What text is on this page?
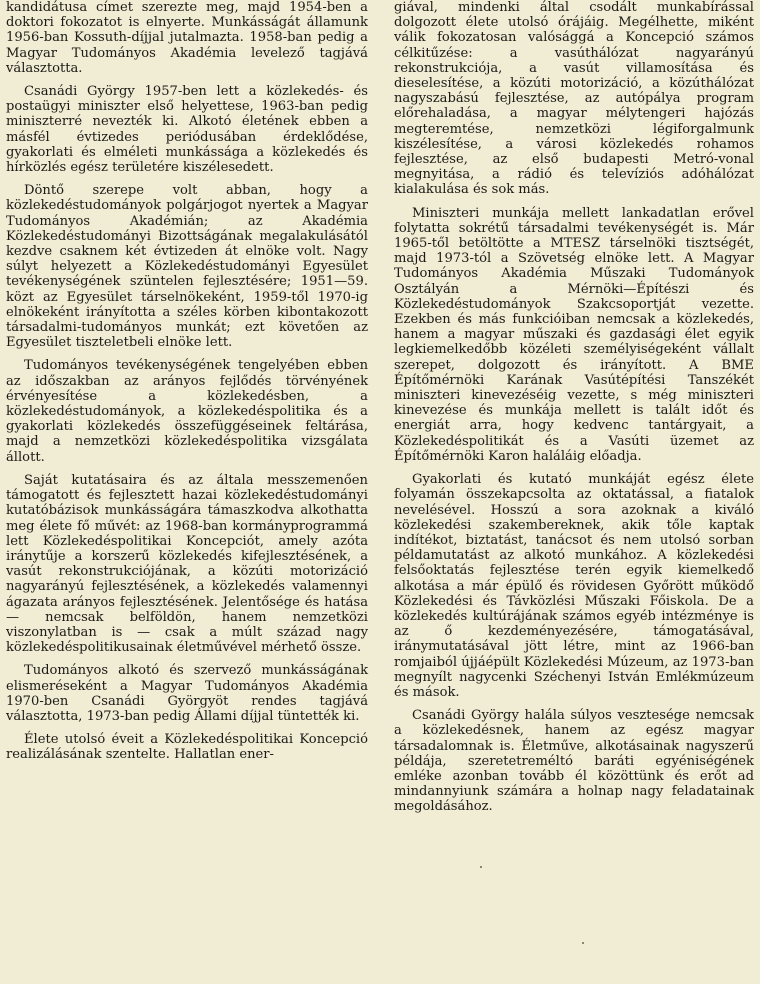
kandidátusa címet szerezte meg, majd 1954-ben a doktori fokozatot is elnyerte. Munkásságát államunk 1956-ban Kossuth-díjjal jutalmazta. 1958-ban pedig a Magyar Tudományos Akadémia levelező tagjává választotta.

Csanádi György 1957-ben lett a közlekedés- és postaügyi miniszter első helyettese, 1963-ban pedig miniszterré nevezték ki. Alkotó életének ebben a másfél évtizedes periódusában érdeklődése, gyakorlati és elméleti munkássága a közlekedés és hírközlés egész területére kiszélesedett.

Döntő szerepe volt abban, hogy a közlekedéstudományok polgárjogot nyertek a Magyar Tudományos Akadémián; az Akadémia Közlekedéstudományi Bizottságának megalakulásától kezdve csaknem két évtizeden át elnöke volt. Nagy súlyt helyezett a Közlekedéstudományi Egyesület tevékenységének szüntelen fejlesztésére; 1951—59. közt az Egyesület társelnökeként, 1959-től 1970-ig elnökeként irányította a széles körben kibontakozott társadalmi-tudományos munkát; ezt követően az Egyesület tiszteletbeli elnöke lett.

Tudományos tevékenységének tengelyében ebben az időszakban az arányos fejlődés törvényének érvényesítése a közlekedésben, a közlekedéstudományok, a közlekedéspolitika és a gyakorlati közlekedés összefüggéseinek feltárása, majd a nemzetközi közlekedéspolitika vizsgálata állott.

Saját kutatásaira és az általa messzemenően támogatott és fejlesztett hazai közlekedéstudományi kutatóbázisok munkásságára támaszkodva alkothatta meg élete fő művét: az 1968-ban kormányprogrammá lett Közlekedéspolitikai Koncepciót, amely azóta iránytűje a korszerű közlekedés kifejlesztésének, a vasút rekonstrukciójának, a közúti motorizáció nagyarányú fejlesztésének, a közlekedés valamennyi ágazata arányos fejlesztésének. Jelentősége és hatása — nemcsak belföldön, hanem nemzetközi viszonylatban is — csak a múlt század nagy közlekedéspolitikusainak életművével mérhető össze.

Tudományos alkotó és szervező munkásságának elismeréseként a Magyar Tudományos Akadémia 1970-ben Csanádi Györgyöt rendes tagjává választotta, 1973-ban pedig Állami díjjal tüntették ki.

Élete utolsó éveit a Közlekedéspolitikai Koncepció realizálásának szentelte. Hallatlan ener-

giával, mindenki által csodált munkabírással dolgozott élete utolsó órájáig. Megélhette, miként válik fokozatosan valósággá a Koncepció számos célkitűzése: a vasúthálózat nagyarányú rekonstrukciója, a vasút villamosítása és dieselesítése, a közúti motorizáció, a közúthálózat nagyszabású fejlesztése, az autópálya program előrehaladása, a magyar mélytengeri hajózás megteremtése, nemzetközi légiforgalmunk kiszélesítése, a városi közlekedés rohamos fejlesztése, az első budapesti Metró-vonal megnyitása, a rádió és televíziós adóhálózat kialakulása és sok más.

Miniszteri munkája mellett lankadatlan erővel folytatta sokrétű társadalmi tevékenységét is. Már 1965-től betöltötte a MTESZ társelnöki tisztségét, majd 1973-tól a Szövetség elnöke lett. A Magyar Tudományos Akadémia Műszaki Tudományok Osztályán a Mérnöki—Építészi és Közlekedéstudományok Szakcsoportját vezette. Ezekben és más funkcióiban nemcsak a közlekedés, hanem a magyar műszaki és gazdasági élet egyik legkiemelkedőbb közéleti személyiségeként vállalt szerepet, dolgozott és irányított. A BME Építőmérnöki Karának Vasútépítési Tanszékét miniszteri kinevezéséig vezette, s még miniszteri kinevezése és munkája mellett is talált időt és energiát arra, hogy kedvenc tantárgyait, a Közlekedéspolitikát és a Vasúti üzemet az Építőmérnöki Karon haláláig előadja.

Gyakorlati és kutató munkáját egész élete folyamán összekapcsolta az oktatással, a fiatalok nevelésével. Hosszú a sora azoknak a kiváló közlekedési szakembereknek, akik tőle kaptak indítékot, biztatást, tanácsot és nem utolsó sorban példamutatást az alkotó munkához. A közlekedési felsőoktatás fejlesztése terén egyik kiemelkedő alkotása a már épülő és rövidesen Győrött működő Közlekedési és Távközlési Műszaki Főiskola. De a közlekedés kultúrájának számos egyéb intézménye is az ő kezdeményezésére, támogatásával, iránymutatásával jött létre, mint az 1966-ban romjaiból újjáépült Közlekedési Múzeum, az 1973-ban megnyílt nagycenki Széchenyi István Emlékmúzeum és mások.

Csanádi György halála súlyos vesztesége nemcsak a közlekedésnek, hanem az egész magyar társadalomnak is. Életműve, alkotásainak nagyszerű példája, szeretetreméltó baráti egyéniségének emléke azonban tovább él közöttünk és erőt ad mindannyiunk számára a holnap nagy feladatainak megoldásához.
